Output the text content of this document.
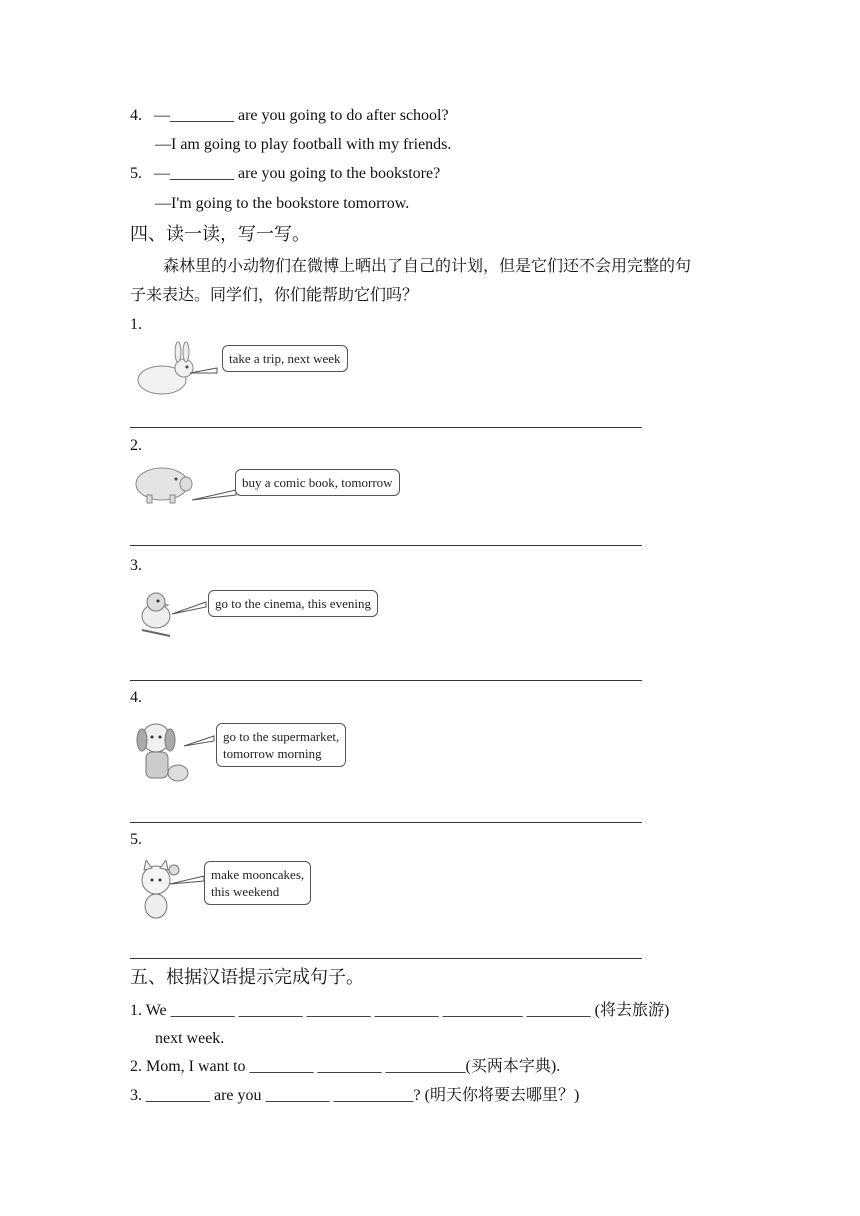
4.   —________ are you going to do after school?
—I am going to play football with my friends.
5.   —________ are you going to the bookstore?
—I'm going to the bookstore tomorrow.
四、读一读，写一写。
森林里的小动物们在微博上晒出了自己的计划，但是它们还不会用完整的句
子来表达。同学们，你们能帮助它们吗？
1.
take a trip, next week
2.
buy a comic book, tomorrow
3.
go to the cinema, this evening
4.
go to the supermarket,
tomorrow morning
5.
make mooncakes,
this weekend
五、根据汉语提示完成句子。
1. We ________ ________ ________ ________ __________ ________ (将去旅游)
next week.
2. Mom, I want to ________ ________ __________(买两本字典).
3. ________ are you ________ __________? (明天你将要去哪里？)
